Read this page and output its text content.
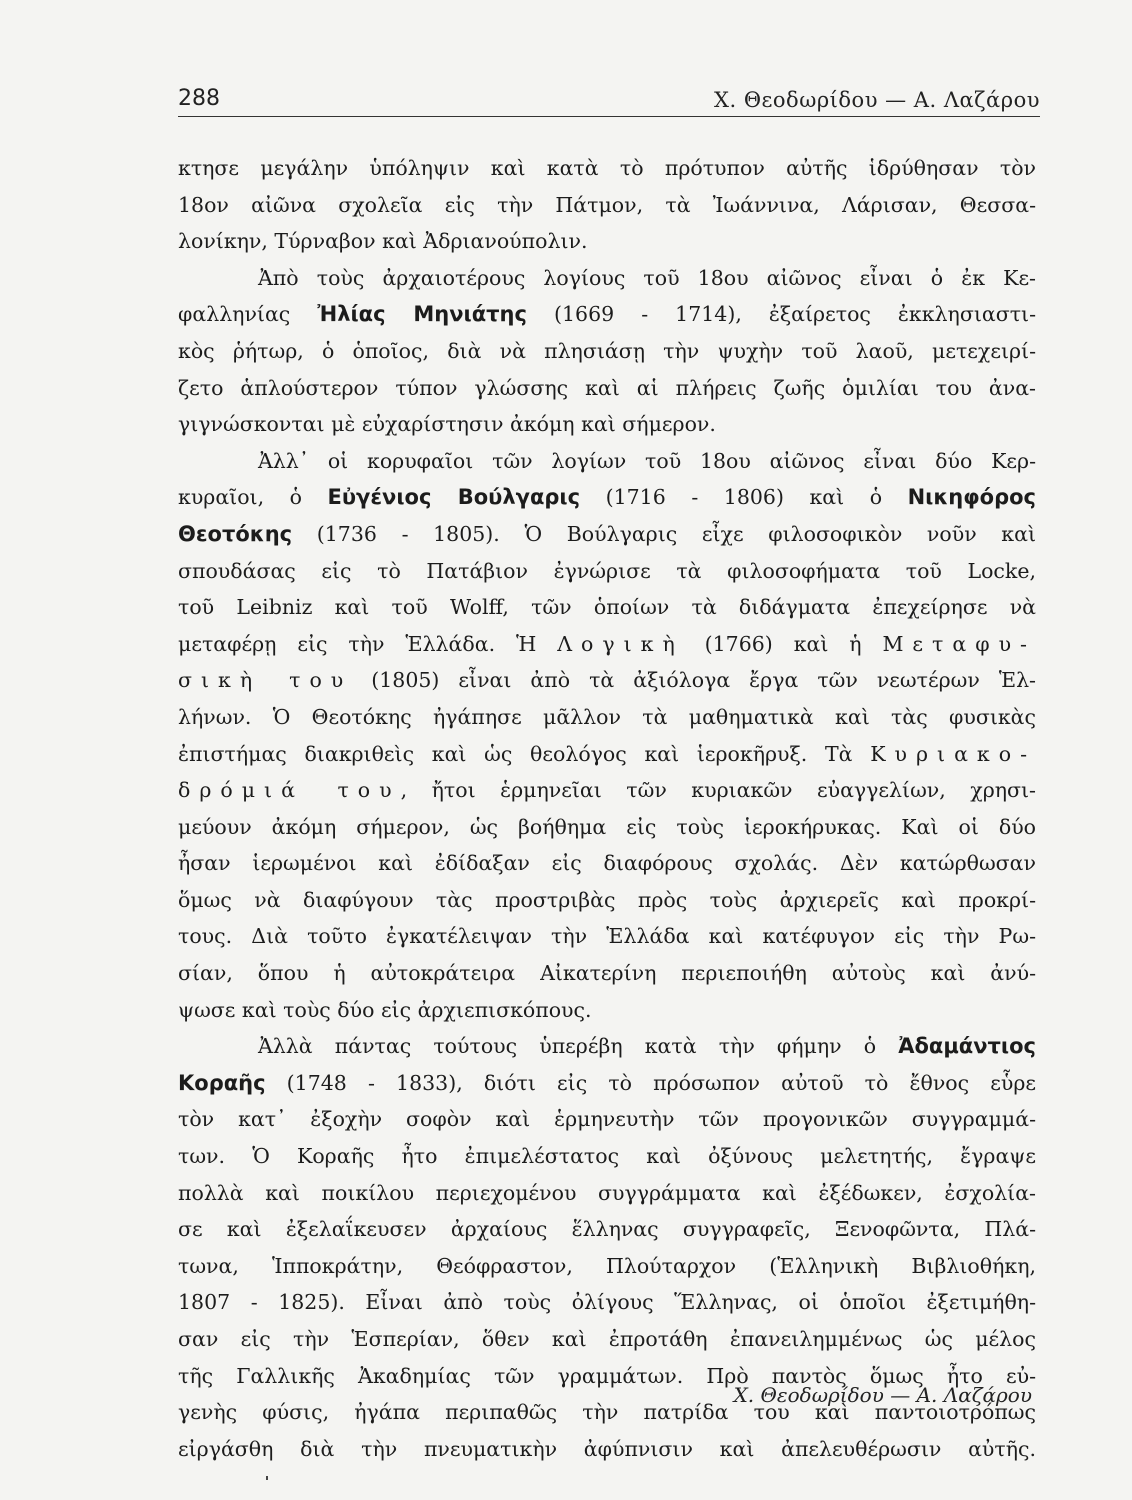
288	Χ. Θεοδωρίδου — Α. Λαζάρου
κτησε μεγάλην ὑπόληψιν καὶ κατὰ τὸ πρότυπον αὐτῆς ἱδρύθησαν τὸν
18ον αἰῶνα σχολεῖα εἰς τὴν Πάτμον, τὰ Ἰωάννινα, Λάρισαν, Θεσσα-
λονίκην, Τύρναβον καὶ Ἀδριανούπολιν.
Ἀπὸ τοὺς ἀρχαιοτέρους λογίους τοῦ 18ου αἰῶνος εἶναι ὁ ἐκ Κε-
φαλληνίας Ἠλίας Μηνιάτης (1669 - 1714), ἐξαίρετος ἐκκλησιαστι-
κὸς ῥήτωρ, ὁ ὁποῖος, διὰ νὰ πλησιάσῃ τὴν ψυχὴν τοῦ λαοῦ, μετεχειρί-
ζετο ἁπλούστερον τύπον γλώσσης καὶ αἱ πλήρεις ζωῆς ὁμιλίαι του ἀνα-
γιγνώσκονται μὲ εὐχαρίστησιν ἀκόμη καὶ σήμερον.
Ἀλλ᾽ οἱ κορυφαῖοι τῶν λογίων τοῦ 18ου αἰῶνος εἶναι δύο Κερ-
κυραῖοι, ὁ Εὐγένιος Βούλγαρις (1716 - 1806) καὶ ὁ Νικηφόρος
Θεοτόκης (1736 - 1805). Ὁ Βούλγαρις εἶχε φιλοσοφικὸν νοῦν καὶ
σπουδάσας εἰς τὸ Πατάβιον ἐγνώρισε τὰ φιλοσοφήματα τοῦ Locke,
τοῦ Leibniz καὶ τοῦ Wolff, τῶν ὁποίων τὰ διδάγματα ἐπεχείρησε νὰ
μεταφέρῃ εἰς τὴν Ἑλλάδα. Ἡ Λογικὴ (1766) καὶ ἡ Μεταφυ-
σικὴ του (1805) εἶναι ἀπὸ τὰ ἀξιόλογα ἔργα τῶν νεωτέρων Ἑλ-
λήνων. Ὁ Θεοτόκης ἠγάπησε μᾶλλον τὰ μαθηματικὰ καὶ τὰς φυσικὰς
ἐπιστήμας διακριθεὶς καὶ ὡς θεολόγος καὶ ἱεροκῆρυξ. Τὰ Κυριακο-
δρόμιά του, ἤτοι ἑρμηνεῖαι τῶν κυριακῶν εὐαγγελίων, χρησι-
μεύουν ἀκόμη σήμερον, ὡς βοήθημα εἰς τοὺς ἱεροκήρυκας. Καὶ οἱ δύο
ἦσαν ἱερωμένοι καὶ ἐδίδαξαν εἰς διαφόρους σχολάς. Δὲν κατώρθωσαν
ὅμως νὰ διαφύγουν τὰς προστριβὰς πρὸς τοὺς ἀρχιερεῖς καὶ προκρί-
τους. Διὰ τοῦτο ἐγκατέλειψαν τὴν Ἑλλάδα καὶ κατέφυγον εἰς τὴν Ρω-
σίαν, ὅπου ἡ αὐτοκράτειρα Αἰκατερίνη περιεποιήθη αὐτοὺς καὶ ἀνύ-
ψωσε καὶ τοὺς δύο εἰς ἀρχιεπισκόπους.
Ἀλλὰ πάντας τούτους ὑπερέβη κατὰ τὴν φήμην ὁ Ἀδαμάντιος
Κοραῆς (1748 - 1833), διότι εἰς τὸ πρόσωπον αὐτοῦ τὸ ἔθνος εὗρε
τὸν κατ᾽ ἐξοχὴν σοφὸν καὶ ἑρμηνευτὴν τῶν προγονικῶν συγγραμμά-
των. Ὁ Κοραῆς ἦτο ἐπιμελέστατος καὶ ὀξύνους μελετητής, ἔγραψε
πολλὰ καὶ ποικίλου περιεχομένου συγγράμματα καὶ ἐξέδωκεν, ἐσχολία-
σε καὶ ἐξελαΐκευσεν ἀρχαίους ἕλληνας συγγραφεῖς, Ξενοφῶντα, Πλά-
τωνα, Ἱπποκράτην, Θεόφραστον, Πλούταρχον (Ἑλληνικὴ Βιβλιοθήκη,
1807 - 1825). Εἶναι ἀπὸ τοὺς ὀλίγους Ἕλληνας, οἱ ὁποῖοι ἐξετιμήθη-
σαν εἰς τὴν Ἑσπερίαν, ὅθεν καὶ ἐπροτάθη ἐπανειλημμένως ὡς μέλος
τῆς Γαλλικῆς Ἀκαδημίας τῶν γραμμάτων. Πρὸ παντὸς ὅμως ἦτο εὐ-
γενὴς φύσις, ἠγάπα περιπαθῶς τὴν πατρίδα του καὶ παντοιοτρόπως
εἰργάσθη διὰ τὴν πνευματικὴν ἀφύπνισιν καὶ ἀπελευθέρωσιν αὐτῆς.
Χ. Θεοδωρίδου — Α. Λαζάρου
